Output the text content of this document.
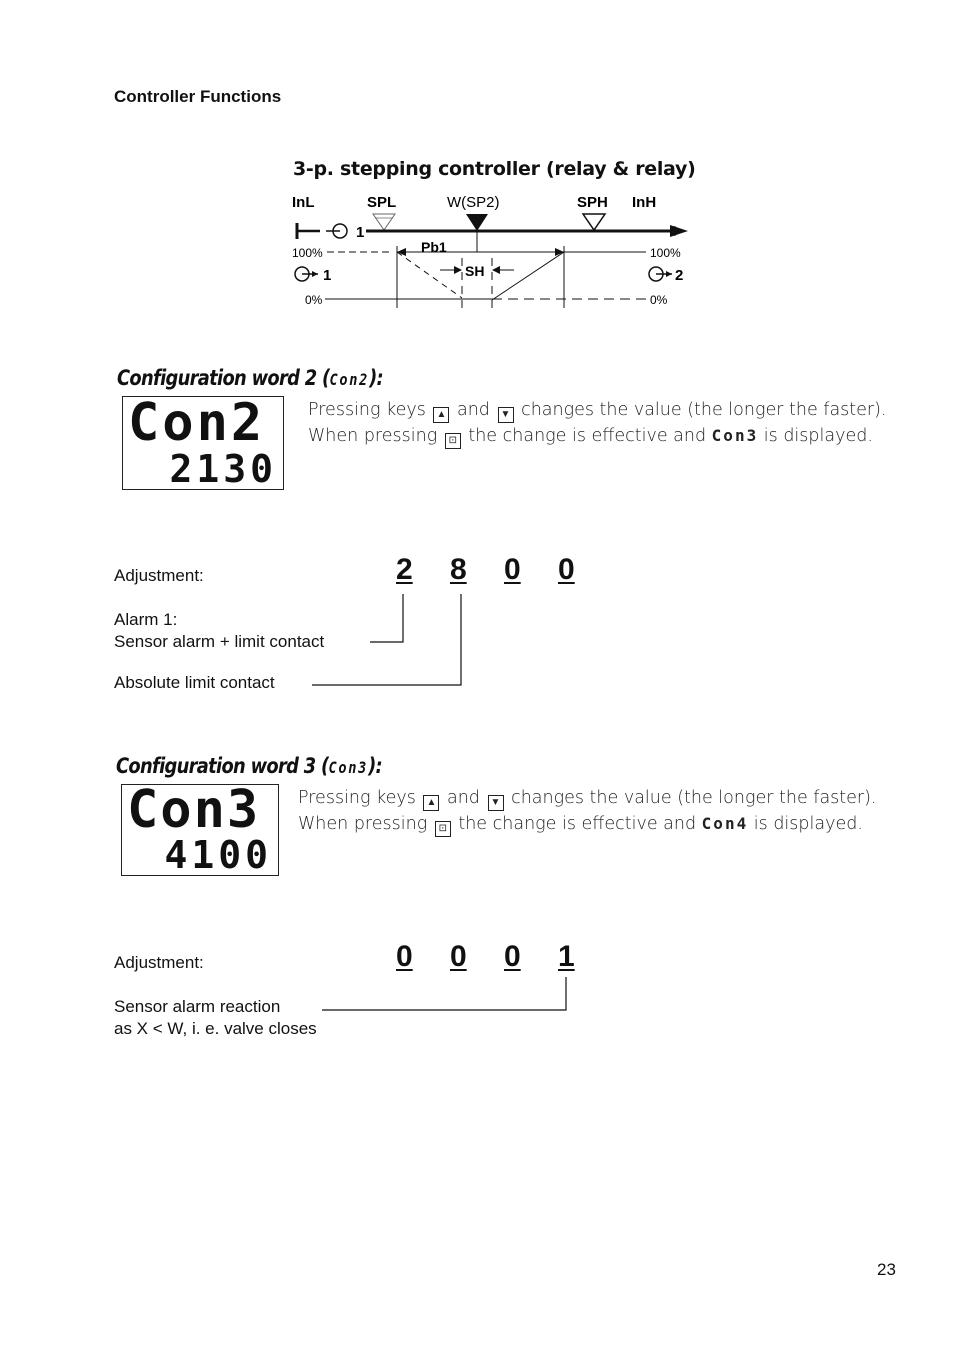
Controller Functions
3-p. stepping controller (relay & relay)
InL	SPL	W(SP2)	SPH InH
1
100%	Pb1	100%
SH
1	2
0%	0%
Configuration word 2 (Con2):
Con2
2130
Pressing keys ▲ and ▼ changes the value (the longer the faster). When pressing ⊡ the change is effective and Con3 is displayed.
Adjustment:	2 8 0 0
Alarm 1:
Sensor alarm + limit contact
Absolute limit contact
Configuration word 3 (Con3):
Con3
4100
Pressing keys ▲ and ▼ changes the value (the longer the faster). When pressing ⊡ the change is effective and Con4 is displayed.
Adjustment:	0 0 0 1
Sensor alarm reaction
as X < W, i. e. valve closes
23
